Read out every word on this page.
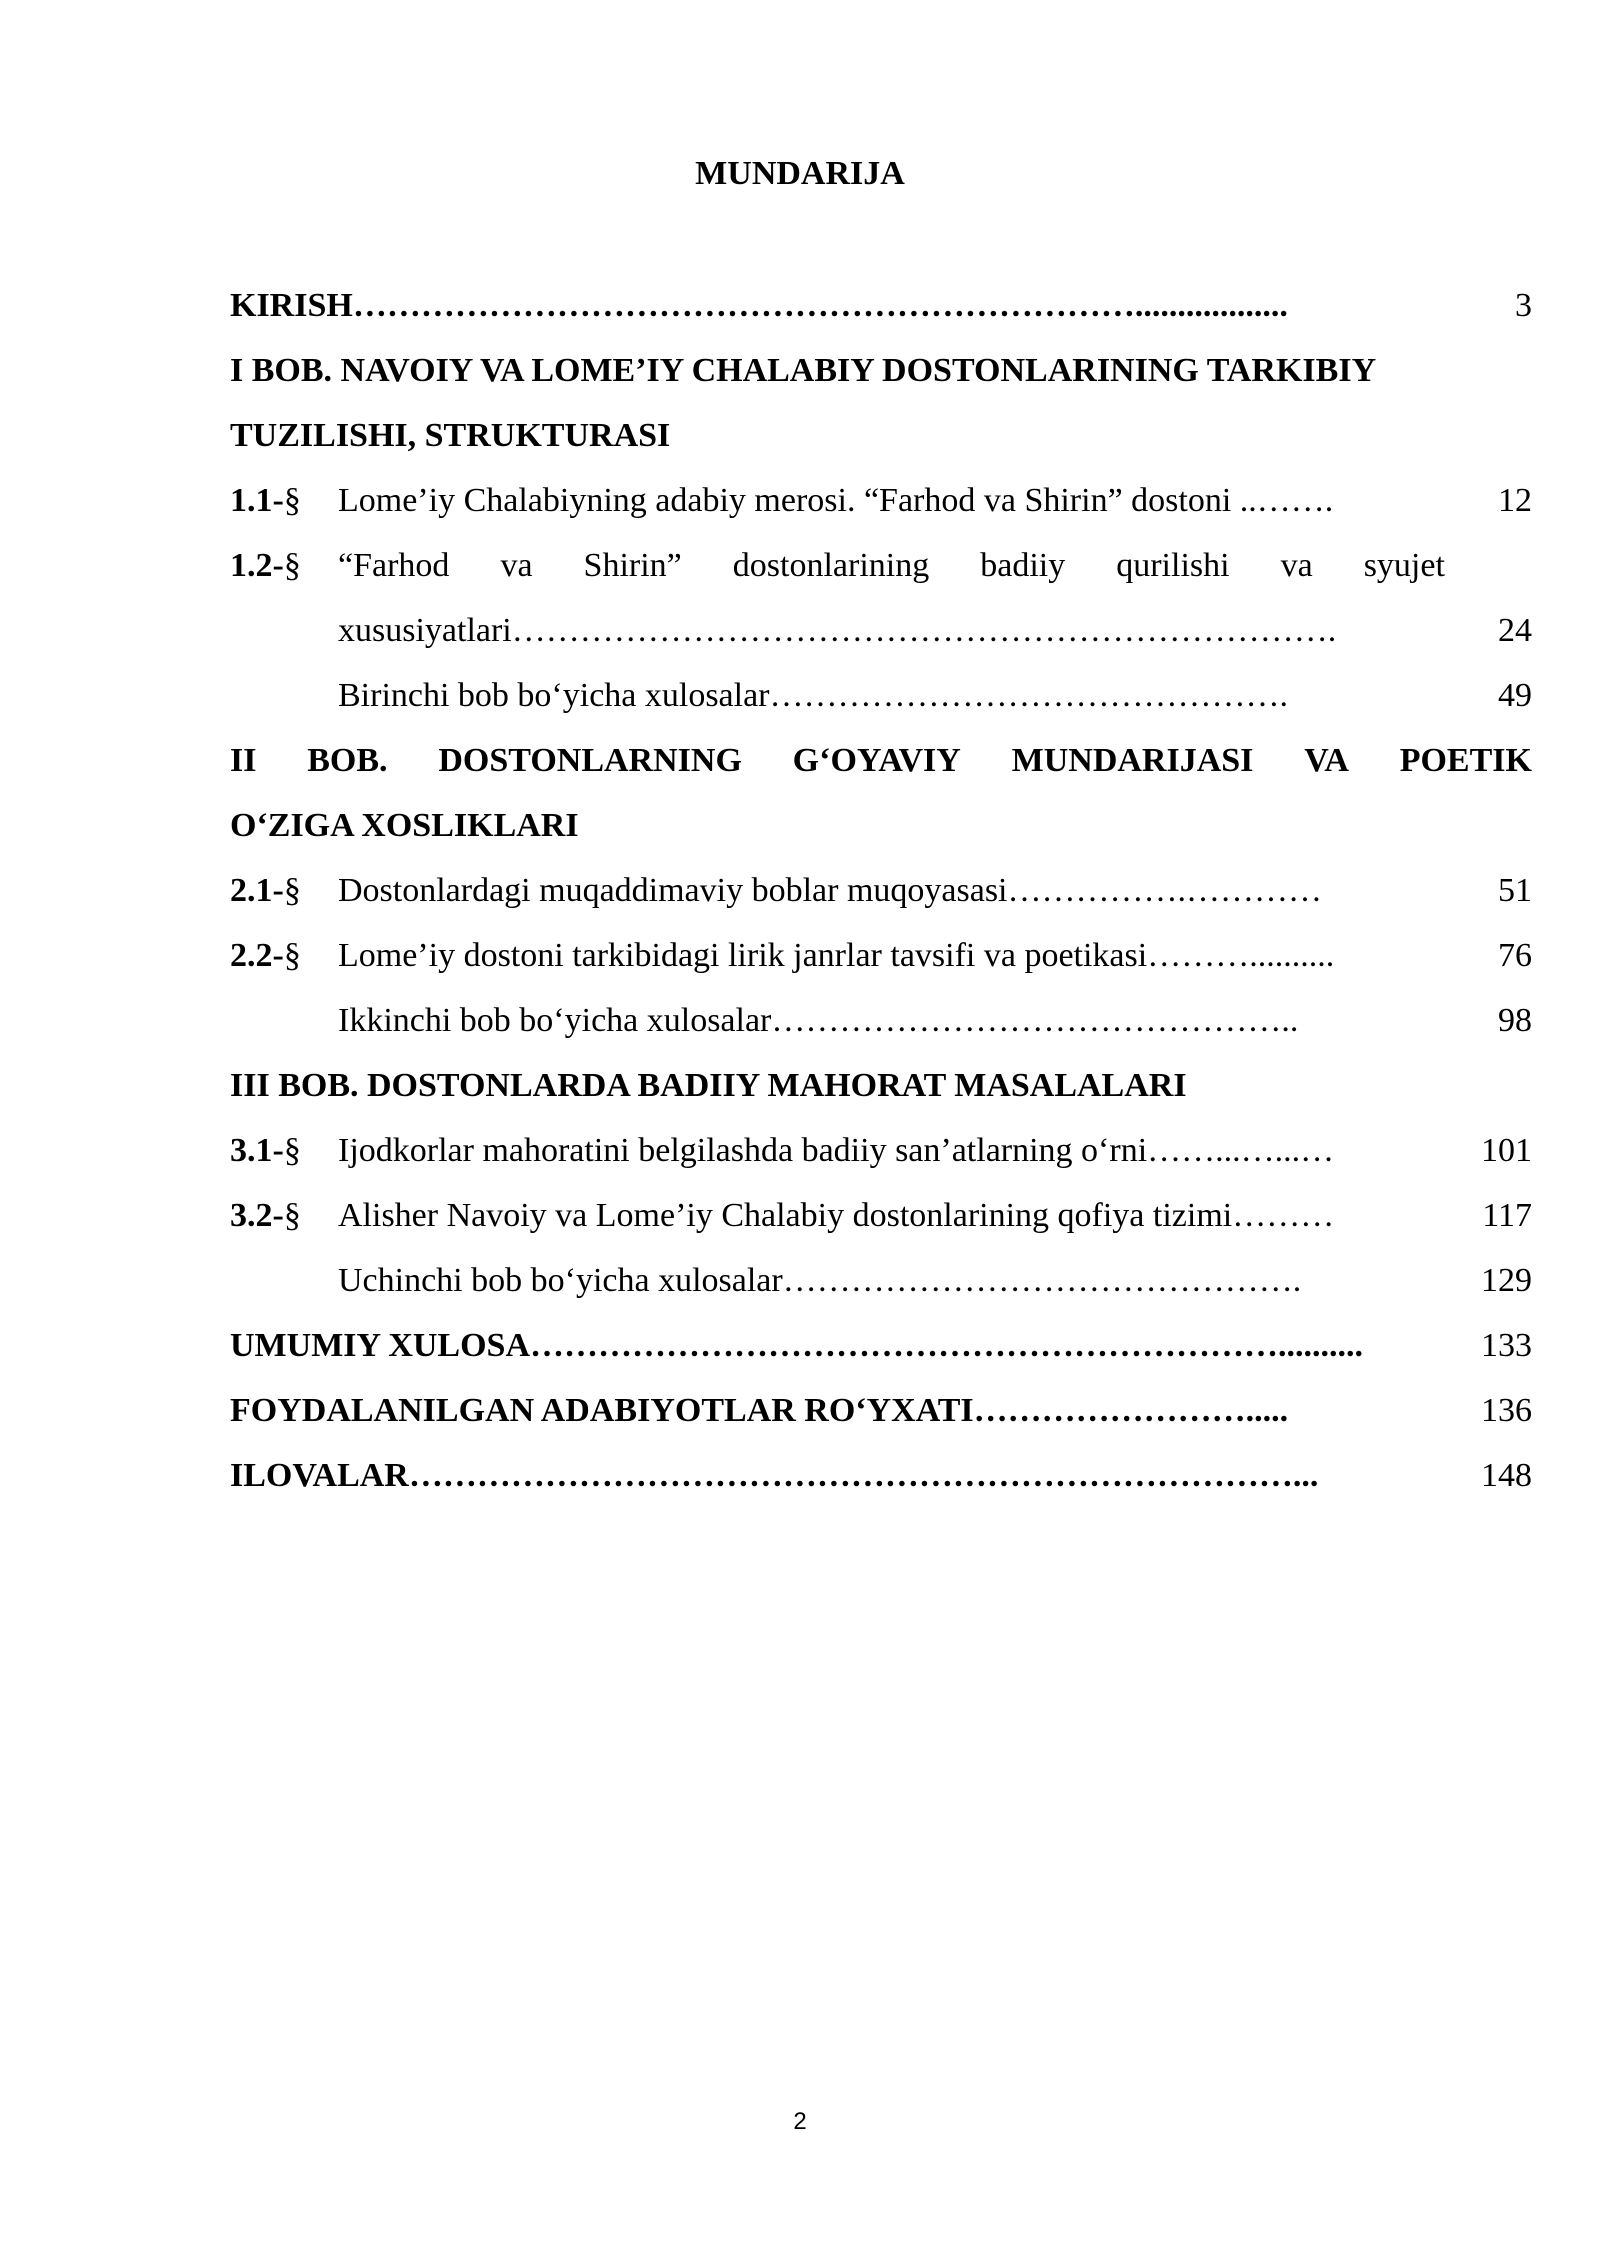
MUNDARIJA
KIRISH……………………………………………………………..................	3
I BOB. NAVOIY VA LOME’IY CHALABIY DOSTONLARINING TARKIBIY
TUZILISHI, STRUKTURASI
1.1-§	Lome’iy Chalabiyning adabiy merosi. “Farhod va Shirin” dostoni ..…….	12
1.2-§	“Farhod va Shirin” dostonlarining badiiy qurilishi va syujet
xususiyatlari……………………………………………………………….	24
Birinchi bob bo‘yicha xulosalar……………………………………….	49
II BOB. DOSTONLARNING G‘OYAVIY MUNDARIJASI VA POETIK
O‘ZIGA XOSLIKLARI
2.1-§	Dostonlardagi muqaddimaviy boblar muqoyasasi…………….…………	51
2.2-§	Lome’iy dostoni tarkibidagi lirik janrlar tavsifi va poetikasi………..........	76
Ikkinchi bob bo‘yicha xulosalar………………………………………..	98
III BOB. DOSTONLARDA BADIIY MAHORAT MASALALARI
3.1-§	Ijodkorlar mahoratini belgilashda badiiy san’atlarning o‘rni……...…...…	101
3.2-§	Alisher Navoiy va Lome’iy Chalabiy dostonlarining qofiya tizimi………	117
Uchinchi bob bo‘yicha xulosalar……………………………………….	129
UMUMIY XULOSA…………………………………………………………..........	133
FOYDALANILGAN ADABIYOTLAR RO‘YXATI…………………….....	136
ILOVALAR……………………………………………………………………...	148
2
